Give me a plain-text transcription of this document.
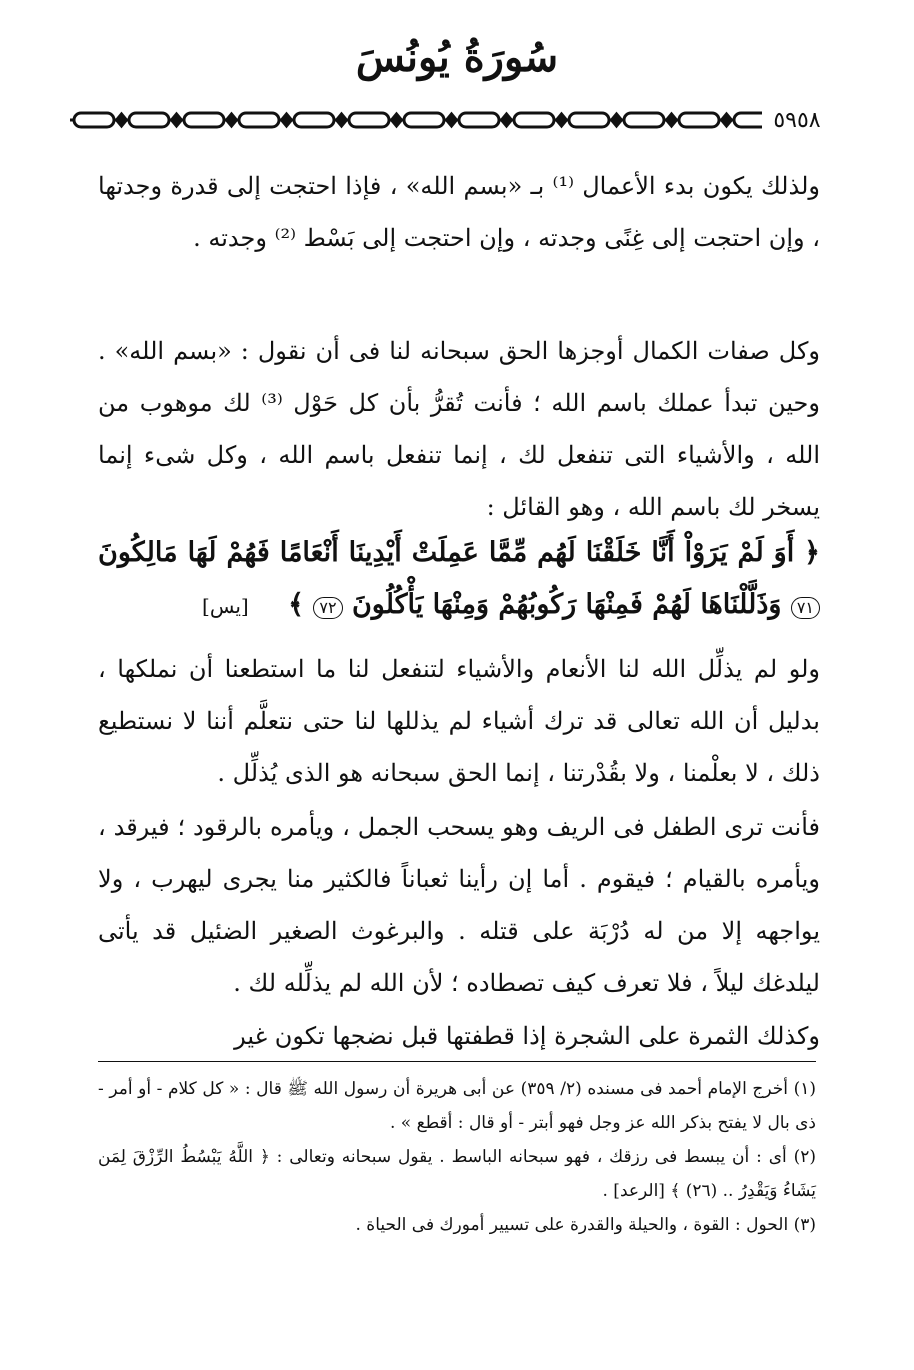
سُورَةُ يُونُسَ
٥٩٥٨
ولذلك يكون بدء الأعمال ⁽¹⁾ بـ «بسم الله» ، فإذا احتجت إلى قدرة وجدتها ، وإن احتجت إلى غِنًى وجدته ، وإن احتجت إلى بَسْط ⁽²⁾ وجدته .
وكل صفات الكمال أوجزها الحق سبحانه لنا فى أن نقول : «بسم الله» . وحين تبدأ عملك باسم الله ؛ فأنت تُقرُّ بأن كل حَوْل ⁽³⁾ لك موهوب من الله ، والأشياء التى تنفعل لك ، إنما تنفعل باسم الله ، وكل شىء إنما يسخر لك باسم الله ، وهو القائل :
﴿ أَوَ لَمْ يَرَوْاْ أَنَّا خَلَقْنَا لَهُم مِّمَّا عَمِلَتْ أَيْدِينَا أَنْعَامًا فَهُمْ لَهَا مَالِكُونَ ٧١ وَذَلَّلْنَاهَا لَهُمْ فَمِنْهَا رَكُوبُهُمْ وَمِنْهَا يَأْكُلُونَ ٧٢ ﴾ [يس]
ولو لم يذلِّل الله لنا الأنعام والأشياء لتنفعل لنا ما استطعنا أن نملكها ، بدليل أن الله تعالى قد ترك أشياء لم يذللها لنا حتى نتعلَّم أننا لا نستطيع ذلك ، لا بعلْمنا ، ولا بقُدْرتنا ، إنما الحق سبحانه هو الذى يُذلِّل .
فأنت ترى الطفل فى الريف وهو يسحب الجمل ، ويأمره بالرقود ؛ فيرقد ، ويأمره بالقيام ؛ فيقوم . أما إن رأينا ثعباناً فالكثير منا يجرى ليهرب ، ولا يواجهه إلا من له دُرْبَة على قتله . والبرغوث الصغير الضئيل قد يأتى ليلدغك ليلاً ، فلا تعرف كيف تصطاده ؛ لأن الله لم يذلِّله لك .
وكذلك الثمرة على الشجرة إذا قطفتها قبل نضجها تكون غير

(١) أخرج الإمام أحمد فى مسنده (٢/ ٣٥٩) عن أبى هريرة أن رسول الله ﷺ قال : « كل كلام - أو أمر - ذى بال لا يفتح بذكر الله عز وجل فهو أبتر - أو قال : أقطع » .

(٢) أى : أن يبسط فى رزقك ، فهو سبحانه الباسط . يقول سبحانه وتعالى : ﴿ اللَّهُ يَبْسُطُ الرِّزْقَ لِمَن يَشَاءُ وَيَقْدِرُ .. (٢٦) ﴾ [الرعد] .

(٣) الحول : القوة ، والحيلة والقدرة على تسيير أمورك فى الحياة .
